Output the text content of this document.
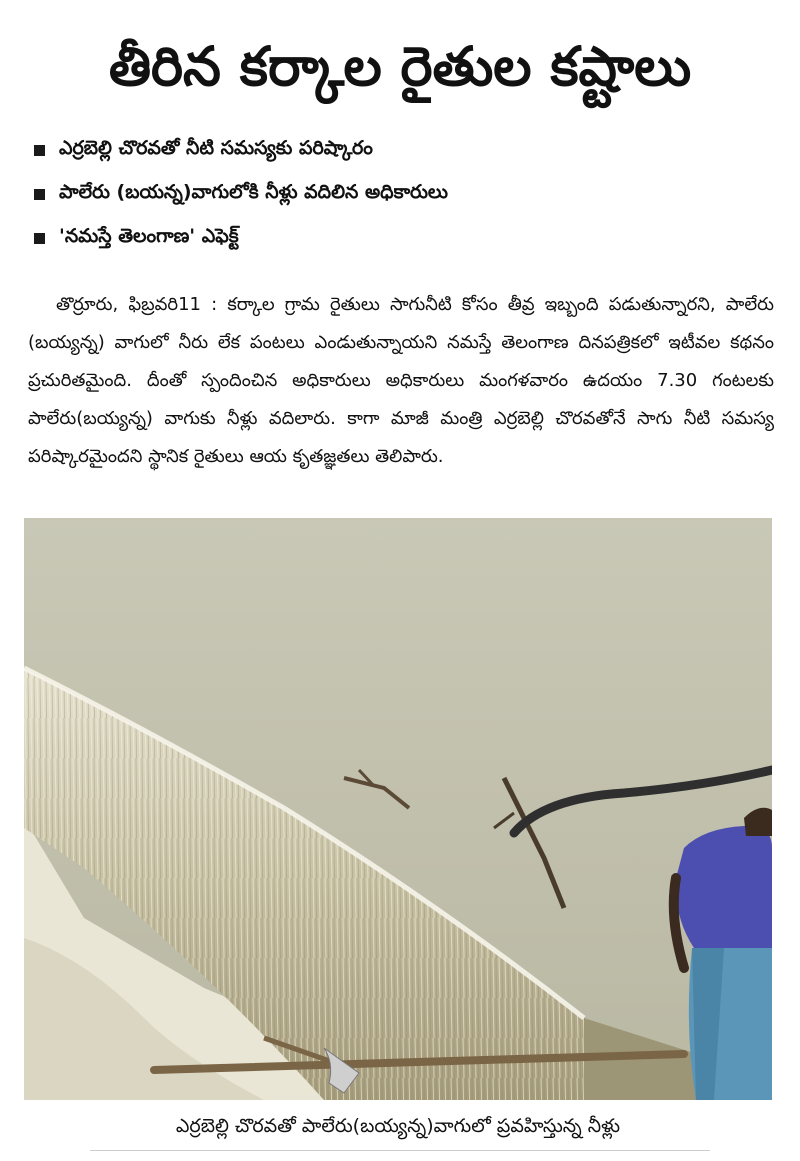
తీరిన కర్కాల రైతుల కష్టాలు
ఎర్రబెల్లి చొరవతో నీటి సమస్యకు పరిష్కారం
పాలేరు (బయన్న)వాగులోకి నీళ్లు వదిలిన అధికారులు
'నమస్తే తెలంగాణ' ఎఫెక్ట్

తొర్రూరు, ఫిబ్రవరి11 : కర్కాల గ్రామ రైతులు సాగునీటి కోసం తీవ్ర ఇబ్బంది పడుతున్నారని, పాలేరు (బయ్యన్న) వాగులో నీరు లేక పంటలు ఎండుతున్నాయని నమస్తే తెలంగాణ దినపత్రికలో ఇటీవల కథనం ప్రచురితమైంది. దీంతో స్పందించిన అధికారులు అధికారులు మంగళవారం ఉదయం 7.30 గంటలకు పాలేరు(బయ్యన్న) వాగుకు నీళ్లు వదిలారు. కాగా మాజీ మంత్రి ఎర్రబెల్లి చొరవతోనే సాగు నీటి సమస్య పరిష్కారమైందని స్థానిక రైతులు ఆయ కృతజ్ఞతలు తెలిపారు.

ఎర్రబెల్లి చొరవతో పాలేరు(బయ్యన్న)వాగులో ప్రవహిస్తున్న నీళ్లు
